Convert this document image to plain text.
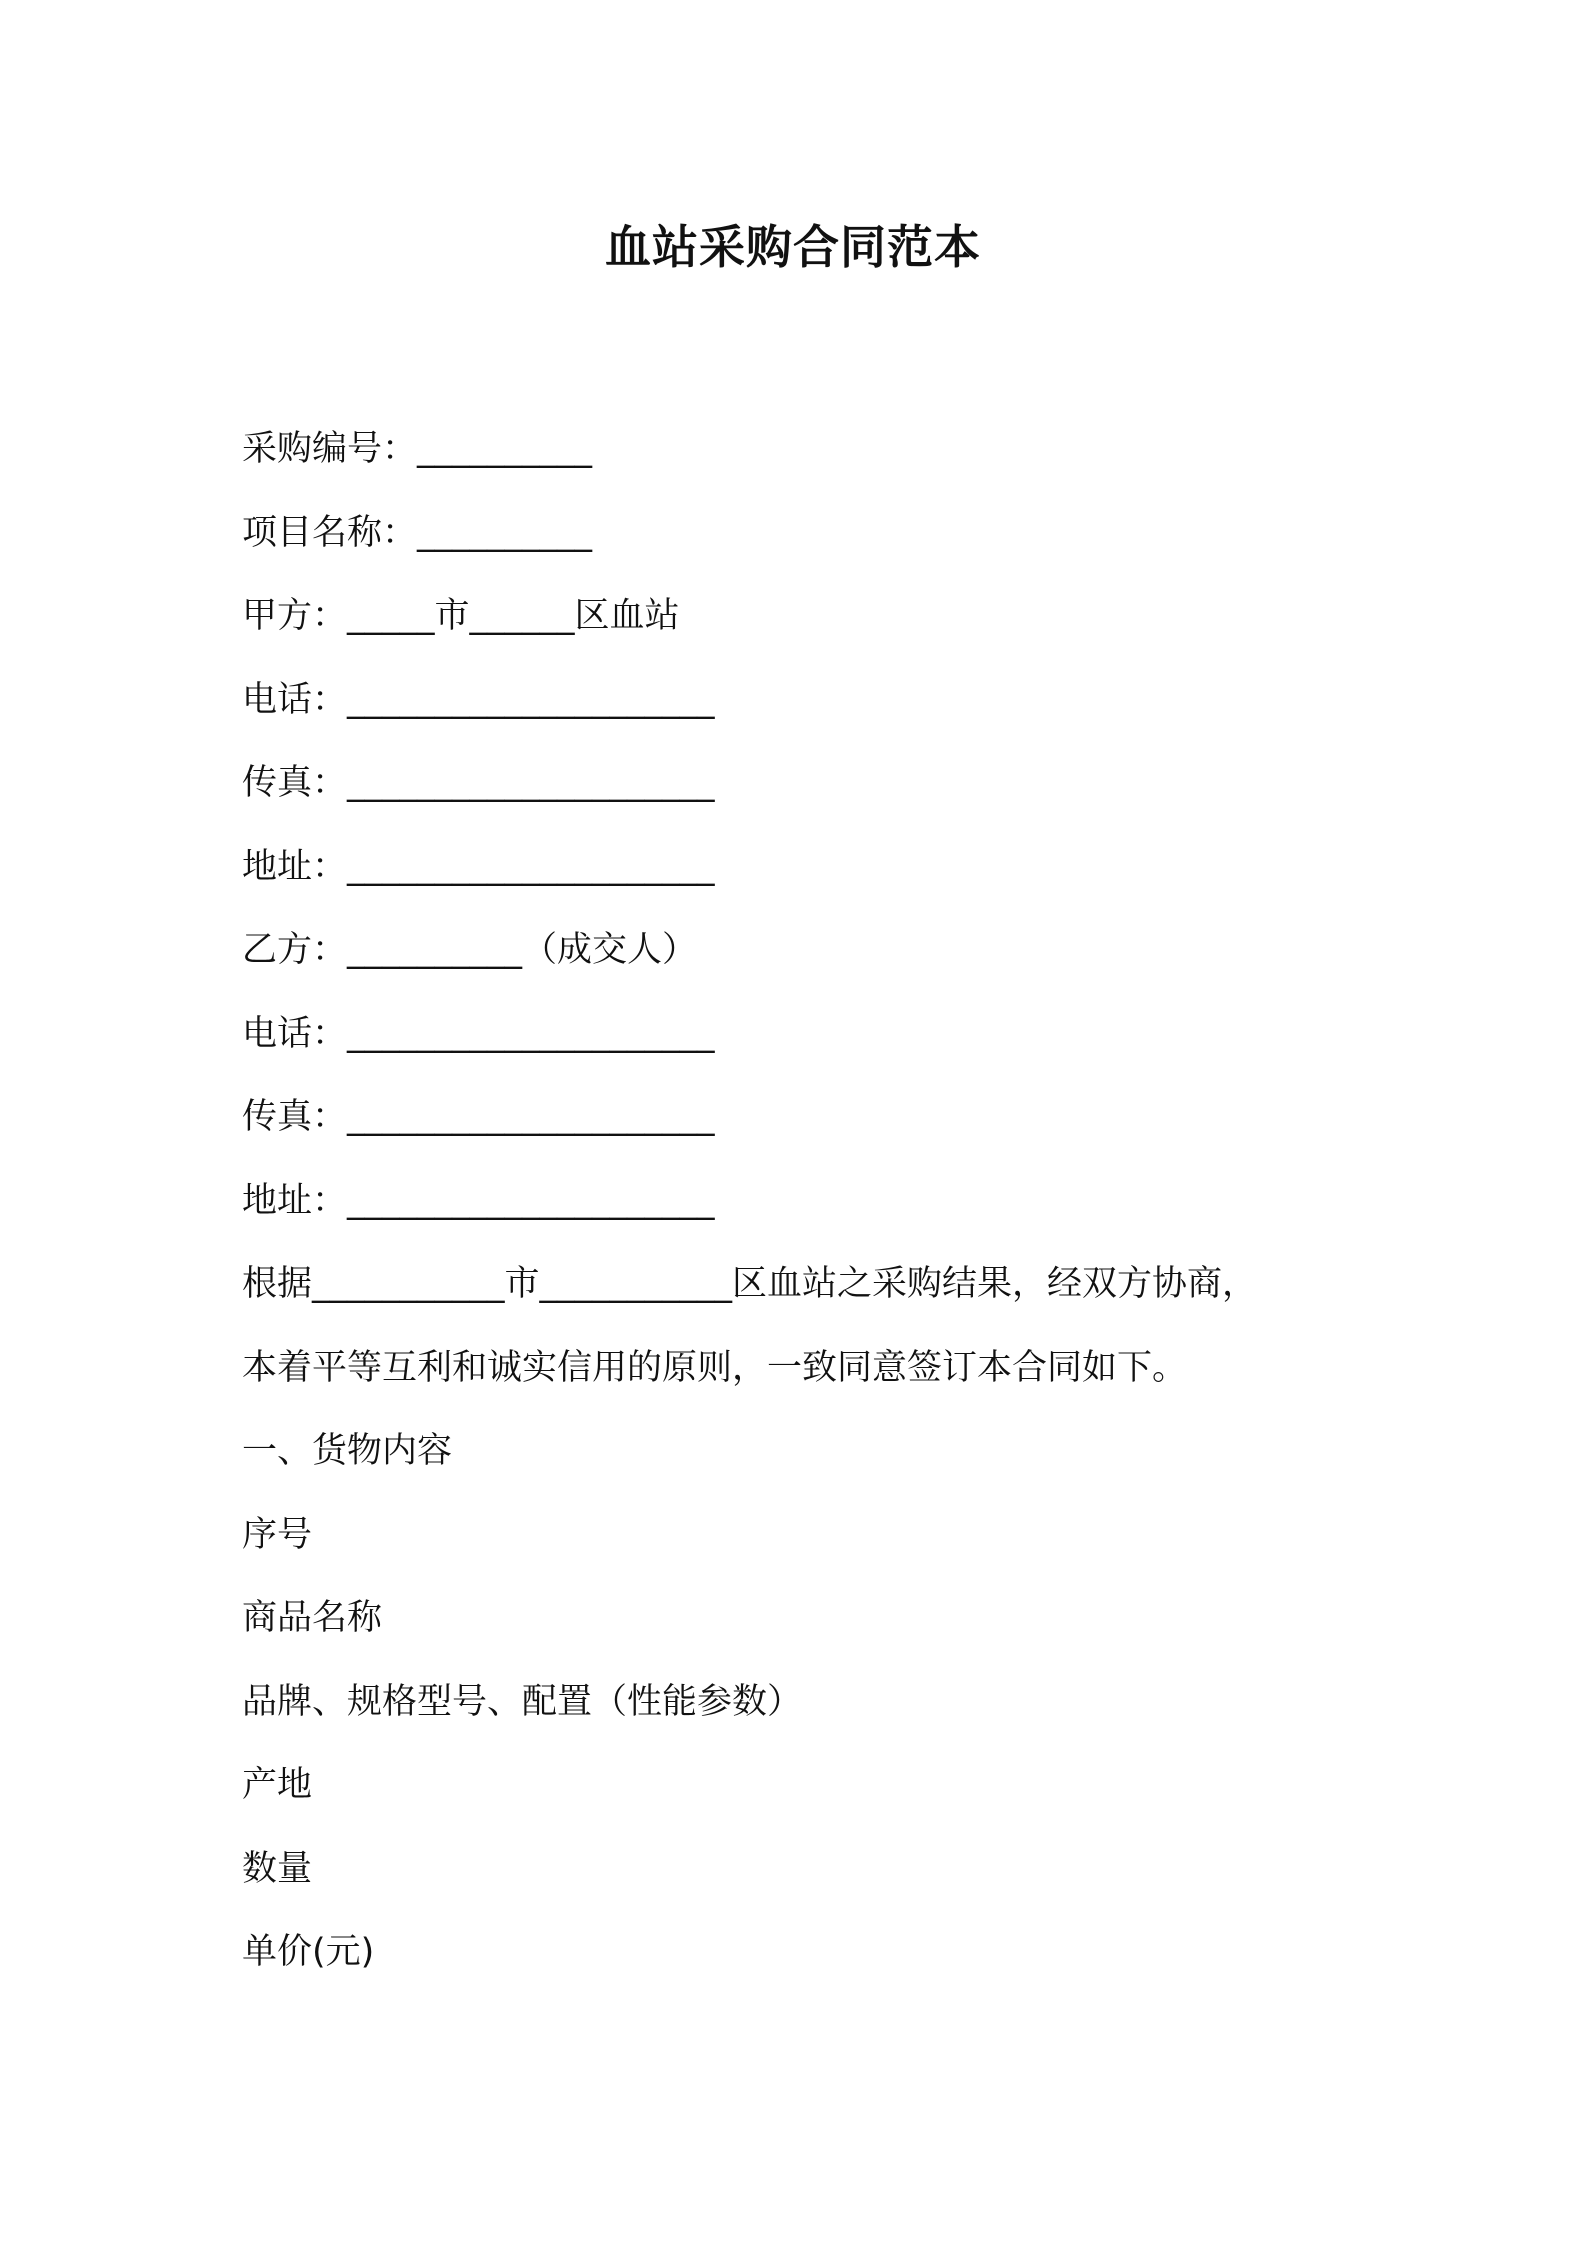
血站采购合同范本
采购编号：__________
项目名称：__________
甲方：_____市______区血站
电话：_____________________
传真：_____________________
地址：_____________________
乙方：__________（成交人）
电话：_____________________
传真：_____________________
地址：_____________________
根据___________市___________区血站之采购结果，经双方协商，
本着平等互利和诚实信用的原则，一致同意签订本合同如下。
一、货物内容
序号
商品名称
品牌、规格型号、配置（性能参数）
产地
数量
单价(元)
